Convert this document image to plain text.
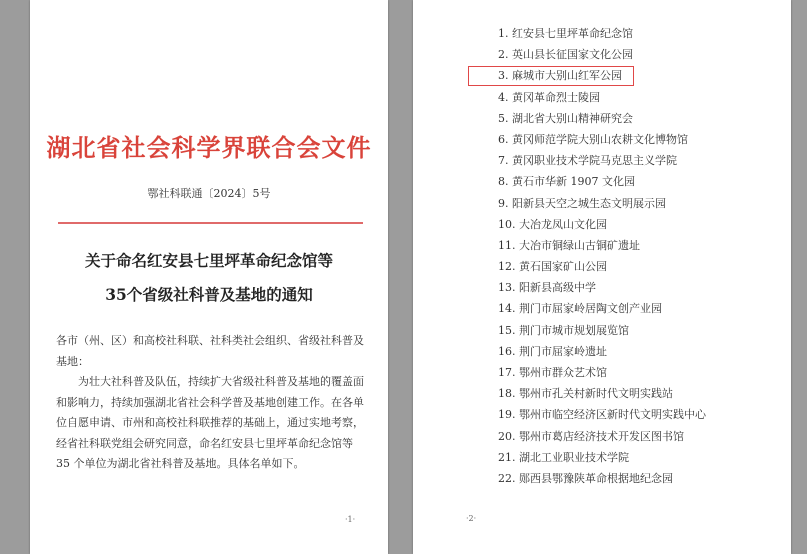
湖北省社会科学界联合会文件
鄂社科联通〔2024〕5号
关于命名红安县七里坪革命纪念馆等
35个省级社科普及基地的通知
各市（州、区）和高校社科联、社科类社会组织、省级社科普及基地：
为壮大社科普及队伍，持续扩大省级社科普及基地的覆盖面和影响力，持续加强湖北省社会科学普及基地创建工作。在各单位自愿申请、市州和高校社科联推荐的基础上，通过实地考察，经省社科联党组会研究同意，命名红安县七里坪革命纪念馆等 35 个单位为湖北省社科普及基地。具体名单如下。
·1·
1. 红安县七里坪革命纪念馆
2. 英山县长征国家文化公园
3. 麻城市大别山红军公园
4. 黄冈革命烈士陵园
5. 湖北省大别山精神研究会
6. 黄冈师范学院大别山农耕文化博物馆
7. 黄冈职业技术学院马克思主义学院
8. 黄石市华新 1907 文化园
9. 阳新县天空之城生态文明展示园
10. 大冶龙凤山文化园
11. 大冶市铜绿山古铜矿遗址
12. 黄石国家矿山公园
13. 阳新县高级中学
14. 荆门市屈家岭居陶文创产业园
15. 荆门市城市规划展览馆
16. 荆门市屈家岭遗址
17. 鄂州市群众艺术馆
18. 鄂州市孔关村新时代文明实践站
19. 鄂州市临空经济区新时代文明实践中心
20. 鄂州市葛店经济技术开发区图书馆
21. 湖北工业职业技术学院
22. 郧西县鄂豫陕革命根据地纪念园
·2·
